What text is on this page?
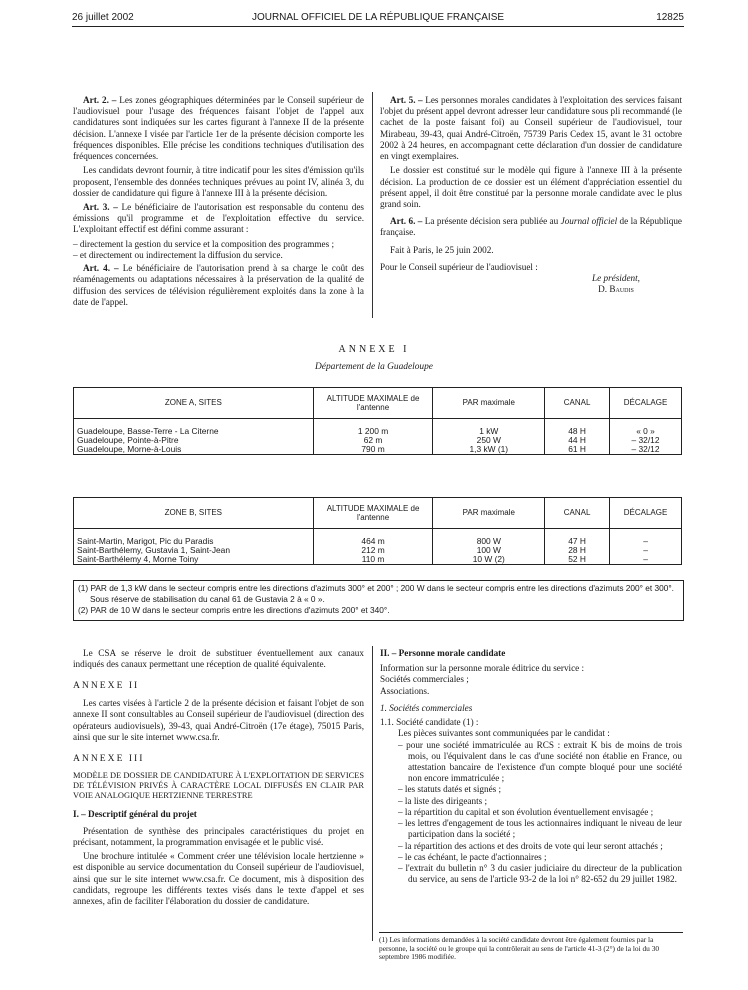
26 juillet 2002	JOURNAL OFFICIEL DE LA RÉPUBLIQUE FRANÇAISE	12825

Art. 2. – Les zones géographiques déterminées par le Conseil supérieur de l'audiovisuel pour l'usage des fréquences faisant l'objet de l'appel aux candidatures sont indiquées sur les cartes figurant à l'annexe II de la présente décision. L'annexe I visée par l'article 1er de la présente décision comporte les fréquences disponibles. Elle précise les conditions techniques d'utilisation des fréquences concernées.

Les candidats devront fournir, à titre indicatif pour les sites d'émission qu'ils proposent, l'ensemble des données techniques prévues au point IV, alinéa 3, du dossier de candidature qui figure à l'annexe III à la présente décision.

Art. 3. – Le bénéficiaire de l'autorisation est responsable du contenu des émissions qu'il programme et de l'exploitation effective du service. L'exploitant effectif est défini comme assurant :

– directement la gestion du service et la composition des programmes ;
– et directement ou indirectement la diffusion du service.

Art. 4. – Le bénéficiaire de l'autorisation prend à sa charge le coût des réaménagements ou adaptations nécessaires à la préservation de la qualité de diffusion des services de télévision régulièrement exploités dans la zone à la date de l'appel.

Art. 5. – Les personnes morales candidates à l'exploitation des services faisant l'objet du présent appel devront adresser leur candidature sous pli recommandé (le cachet de la poste faisant foi) au Conseil supérieur de l'audiovisuel, tour Mirabeau, 39-43, quai André-Citroën, 75739 Paris Cedex 15, avant le 31 octobre 2002 à 24 heures, en accompagnant cette déclaration d'un dossier de candidature en vingt exemplaires.

Le dossier est constitué sur le modèle qui figure à l'annexe III à la présente décision. La production de ce dossier est un élément d'appréciation essentiel du présent appel, il doit être constitué par la personne morale candidate avec le plus grand soin.

Art. 6. – La présente décision sera publiée au Journal officiel de la République française.

Fait à Paris, le 25 juin 2002.

Pour le Conseil supérieur de l'audiovisuel :

Le président,

D. Baudis

ANNEXE I
Département de la Guadeloupe
ZONE A, SITES	ALTITUDE MAXIMALE de l'antenne	PAR maximale	CANAL	DÉCALAGE

Guadeloupe, Basse-Terre - La Citerne	1 200 m	1 kW	48 H	« 0 »
Guadeloupe, Pointe-à-Pitre	62 m	250 W	44 H	– 32/12
Guadeloupe, Morne-à-Louis	790 m	1,3 kW (1)	61 H	– 32/12
ZONE B, SITES	ALTITUDE MAXIMALE de l'antenne	PAR maximale	CANAL	DÉCALAGE

Saint-Martin, Marigot, Pic du Paradis	464 m	800 W	47 H	–
Saint-Barthélemy, Gustavia 1, Saint-Jean	212 m	100 W	28 H	–
Saint-Barthélemy 4, Morne Toiny	110 m	10 W (2)	52 H	–

(1) PAR de 1,3 kW dans le secteur compris entre les directions d'azimuts 300° et 200° ; 200 W dans le secteur compris entre les directions d'azimuts 200° et 300°.

Sous réserve de stabilisation du canal 61 de Gustavia 2 à « 0 ».

(2) PAR de 10 W dans le secteur compris entre les directions d'azimuts 200° et 340°.

Le CSA se réserve le droit de substituer éventuellement aux canaux indiqués des canaux permettant une réception de qualité équivalente.

ANNEXE II

Les cartes visées à l'article 2 de la présente décision et faisant l'objet de son annexe II sont consultables au Conseil supérieur de l'audiovisuel (direction des opérateurs audiovisuels), 39-43, quai André-Citroën (17e étage), 75015 Paris, ainsi que sur le site internet www.csa.fr.

ANNEXE III

MODÈLE DE DOSSIER DE CANDIDATURE À L'EXPLOITATION DE SERVICES DE TÉLÉVISION PRIVÉS À CARACTÈRE LOCAL DIFFUSÉS EN CLAIR PAR VOIE ANALOGIQUE HERTZIENNE TERRESTRE

I. – Descriptif général du projet

Présentation de synthèse des principales caractéristiques du projet en précisant, notamment, la programmation envisagée et le public visé.

Une brochure intitulée « Comment créer une télévision locale hertzienne » est disponible au service documentation du Conseil supérieur de l'audiovisuel, ainsi que sur le site internet www.csa.fr. Ce document, mis à disposition des candidats, regroupe les différents textes visés dans le texte d'appel et ses annexes, afin de faciliter l'élaboration du dossier de candidature.

II. – Personne morale candidate

Information sur la personne morale éditrice du service :

Sociétés commerciales ;

Associations.

1. Sociétés commerciales

1.1. Société candidate (1) :

Les pièces suivantes sont communiquées par le candidat :

– pour une société immatriculée au RCS : extrait K bis de moins de trois mois, ou l'équivalent dans le cas d'une société non établie en France, ou attestation bancaire de l'existence d'un compte bloqué pour une société non encore immatriculée ;
– les statuts datés et signés ;
– la liste des dirigeants ;
– la répartition du capital et son évolution éventuellement envisagée ;
– les lettres d'engagement de tous les actionnaires indiquant le niveau de leur participation dans la société ;
– la répartition des actions et des droits de vote qui leur seront attachés ;
– le cas échéant, le pacte d'actionnaires ;
– l'extrait du bulletin n° 3 du casier judiciaire du directeur de la publication du service, au sens de l'article 93-2 de la loi n° 82-652 du 29 juillet 1982.
(1) Les informations demandées à la société candidate devront être également fournies par la personne, la société ou le groupe qui la contrôlerait au sens de l'article 41-3 (2°) de la loi du 30 septembre 1986 modifiée.
